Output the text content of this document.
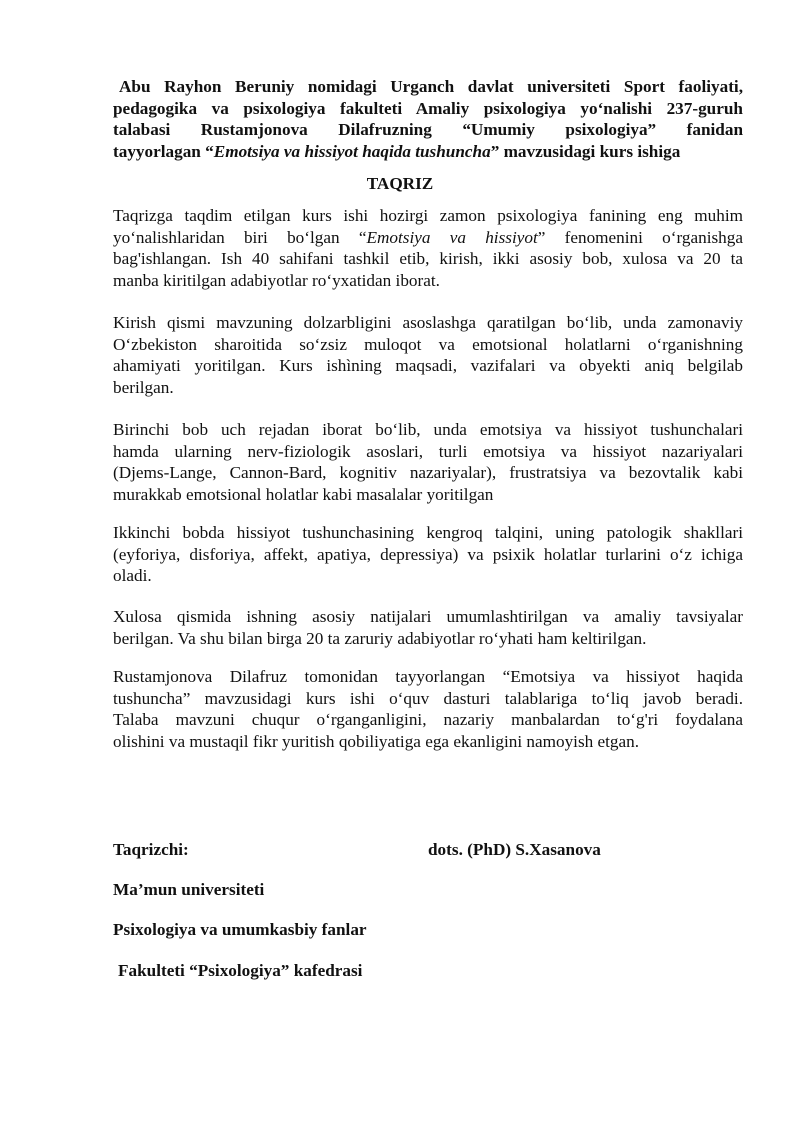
Abu Rayhon Beruniy nomidagi Urganch davlat universiteti Sport faoliyati,
pedagogika va psixologiya fakulteti Amaliy psixologiya yo‘nalishi 237-guruh
talabasi Rustamjonova Dilafruzning “Umumiy psixologiya” fanidan
tayyorlagan “Emotsiya va hissiyot haqida tushuncha” mavzusidagi kurs ishiga
TAQRIZ
Taqrizga taqdim etilgan kurs ishi hozirgi zamon psixologiya fanining eng muhim
yo‘nalishlaridan biri bo‘lgan “Emotsiya va hissiyot” fenomenini o‘rganishga
bag'ishlangan. Ish 40 sahifani tashkil etib, kirish, ikki asosiy bob, xulosa va 20 ta
manba kiritilgan adabiyotlar ro‘yxatidan iborat.
Kirish qismi mavzuning dolzarbligini asoslashga qaratilgan bo‘lib, unda zamonaviy
O‘zbekiston sharoitida so‘zsiz muloqot va emotsional holatlarni o‘rganishning
ahamiyati yoritilgan. Kurs ishìning maqsadi, vazifalari va obyekti aniq belgilab
berilgan.
Birinchi bob uch rejadan iborat bo‘lib, unda emotsiya va hissiyot tushunchalari
hamda ularning nerv-fiziologik asoslari, turli emotsiya va hissiyot nazariyalari
(Djems-Lange, Cannon-Bard, kognitiv nazariyalar), frustratsiya va bezovtalik kabi
murakkab emotsional holatlar kabi masalalar yoritilgan
Ikkinchi bobda hissiyot tushunchasining kengroq talqini, uning patologik shakllari
(eyforiya, disforiya, affekt, apatiya, depressiya) va psixik holatlar turlarini o‘z ichiga
oladi.
Xulosa qismida ishning asosiy natijalari umumlashtirilgan va amaliy tavsiyalar
berilgan. Va shu bilan birga 20 ta zaruriy adabiyotlar ro‘yhati ham keltirilgan.
Rustamjonova Dilafruz tomonidan tayyorlangan “Emotsiya va hissiyot haqida
tushuncha” mavzusidagi kurs ishi o‘quv dasturi talablariga to‘liq javob beradi.
Talaba mavzuni chuqur o‘rganganligini, nazariy manbalardan to‘g'ri foydalana
olishini va mustaqil fikr yuritish qobiliyatiga ega ekanligini namoyish etgan.
Taqrizchi:	dots. (PhD) S.Xasanova
Ma’mun universiteti
Psixologiya va umumkasbiy fanlar
Fakulteti “Psixologiya” kafedrasi
